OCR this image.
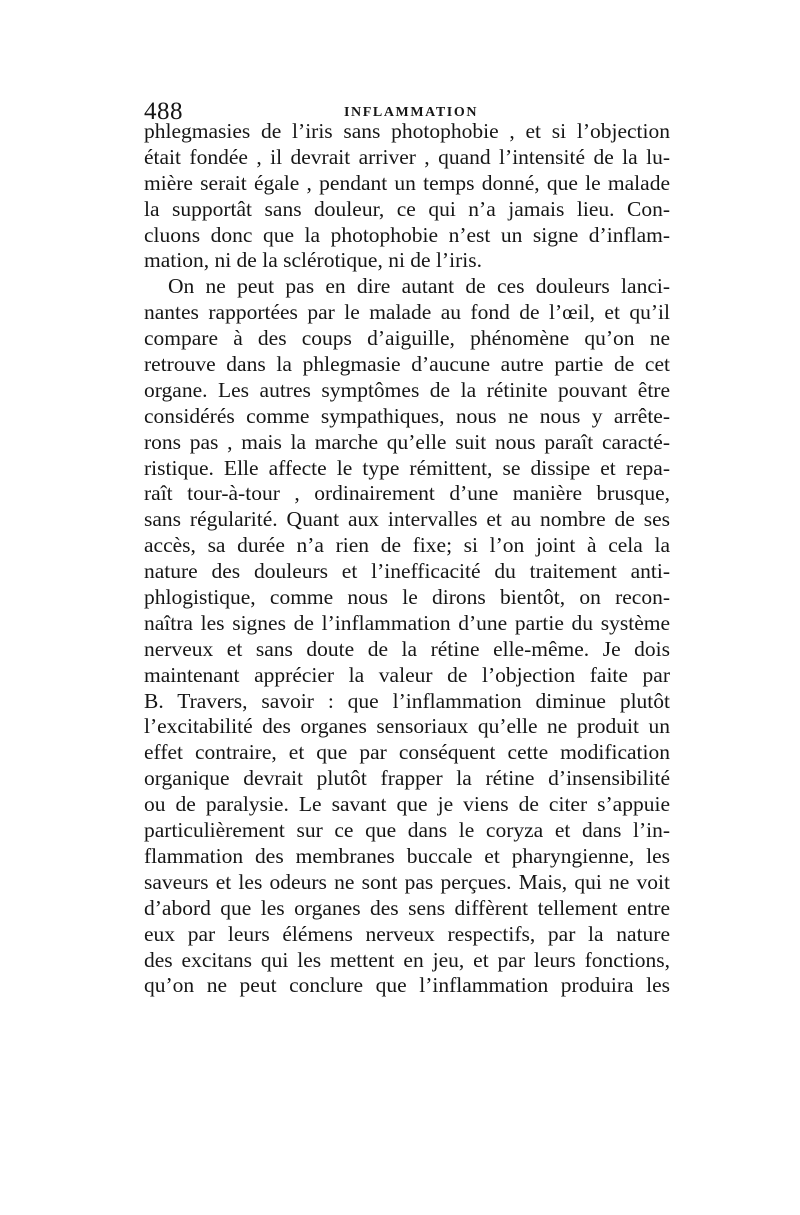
488	INFLAMMATION
phlegmasies de l’iris sans photophobie , et si l’objection
était fondée , il devrait arriver , quand l’intensité de la lu-
mière serait égale , pendant un temps donné, que le malade
la supportât sans douleur, ce qui n’a jamais lieu. Con-
cluons donc que la photophobie n’est un signe d’inflam-
mation, ni de la sclérotique, ni de l’iris.
On ne peut pas en dire autant de ces douleurs lanci-
nantes rapportées par le malade au fond de l’œil, et qu’il
compare à des coups d’aiguille, phénomène qu’on ne
retrouve dans la phlegmasie d’aucune autre partie de cet
organe. Les autres symptômes de la rétinite pouvant être
considérés comme sympathiques, nous ne nous y arrête-
rons pas , mais la marche qu’elle suit nous paraît caracté-
ristique. Elle affecte le type rémittent, se dissipe et repa-
raît tour-à-tour , ordinairement d’une manière brusque,
sans régularité. Quant aux intervalles et au nombre de ses
accès, sa durée n’a rien de fixe; si l’on joint à cela la
nature des douleurs et l’inefficacité du traitement anti-
phlogistique, comme nous le dirons bientôt, on recon-
naîtra les signes de l’inflammation d’une partie du système
nerveux et sans doute de la rétine elle-même. Je dois
maintenant apprécier la valeur de l’objection faite par
B. Travers, savoir : que l’inflammation diminue plutôt
l’excitabilité des organes sensoriaux qu’elle ne produit un
effet contraire, et que par conséquent cette modification
organique devrait plutôt frapper la rétine d’insensibilité
ou de paralysie. Le savant que je viens de citer s’appuie
particulièrement sur ce que dans le coryza et dans l’in-
flammation des membranes buccale et pharyngienne, les
saveurs et les odeurs ne sont pas perçues. Mais, qui ne voit
d’abord que les organes des sens diffèrent tellement entre
eux par leurs élémens nerveux respectifs, par la nature
des excitans qui les mettent en jeu, et par leurs fonctions,
qu’on ne peut conclure que l’inflammation produira les
